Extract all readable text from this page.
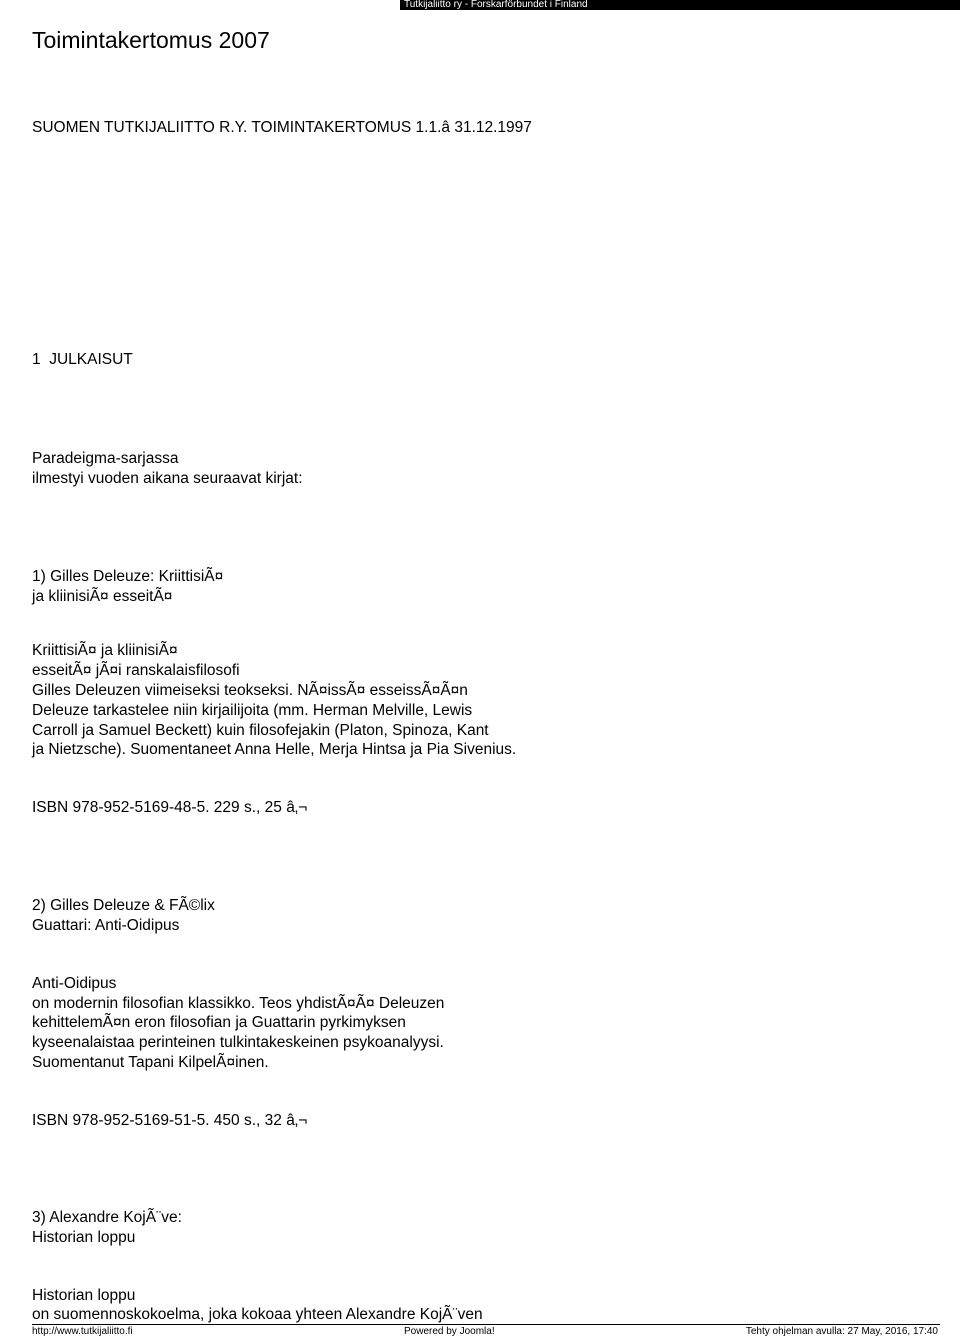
Tutkijaliitto ry - Forskarförbundet i Finland
Toimintakertomus 2007
SUOMEN TUTKIJALIITTO R.Y. TOIMINTAKERTOMUS 1.1.â 31.12.1997
1  JULKAISUT
Paradeigma-sarjassa
ilmestyi vuoden aikana seuraavat kirjat:
1) Gilles Deleuze: KriittisiÃ¤
ja kliinisiÃ¤ esseitÃ¤
KriittisiÃ¤ ja kliinisiÃ¤
esseitÃ¤ jÃ¤i ranskalaisfilosofi
Gilles Deleuzen viimeiseksi teokseksi. NÃ¤issÃ¤ esseissÃ¤Ã¤n
Deleuze tarkastelee niin kirjailijoita (mm. Herman Melville, Lewis
Carroll ja Samuel Beckett) kuin filosofejakin (Platon, Spinoza, Kant
ja Nietzsche). Suomentaneet Anna Helle, Merja Hintsa ja Pia Sivenius.
ISBN 978-952-5169-48-5. 229 s., 25 â‚¬
2) Gilles Deleuze & FÃ©lix
Guattari: Anti-Oidipus
Anti-Oidipus
on modernin filosofian klassikko. Teos yhdistÃ¤Ã¤ Deleuzen
kehittelemÃ¤n eron filosofian ja Guattarin pyrkimyksen
kyseenalaistaa perinteinen tulkintakeskeinen psykoanalyysi.
Suomentanut Tapani KilpelÃ¤inen.
ISBN 978-952-5169-51-5. 450 s., 32 â‚¬
3) Alexandre KojÃ¨ve:
Historian loppu
Historian loppu
on suomennoskokoelma, joka kokoaa yhteen Alexandre KojÃ¨ven
http://www.tutkijaliitto.fi	Powered by Joomla!	Tehty ohjelman avulla: 27 May, 2016, 17:40
